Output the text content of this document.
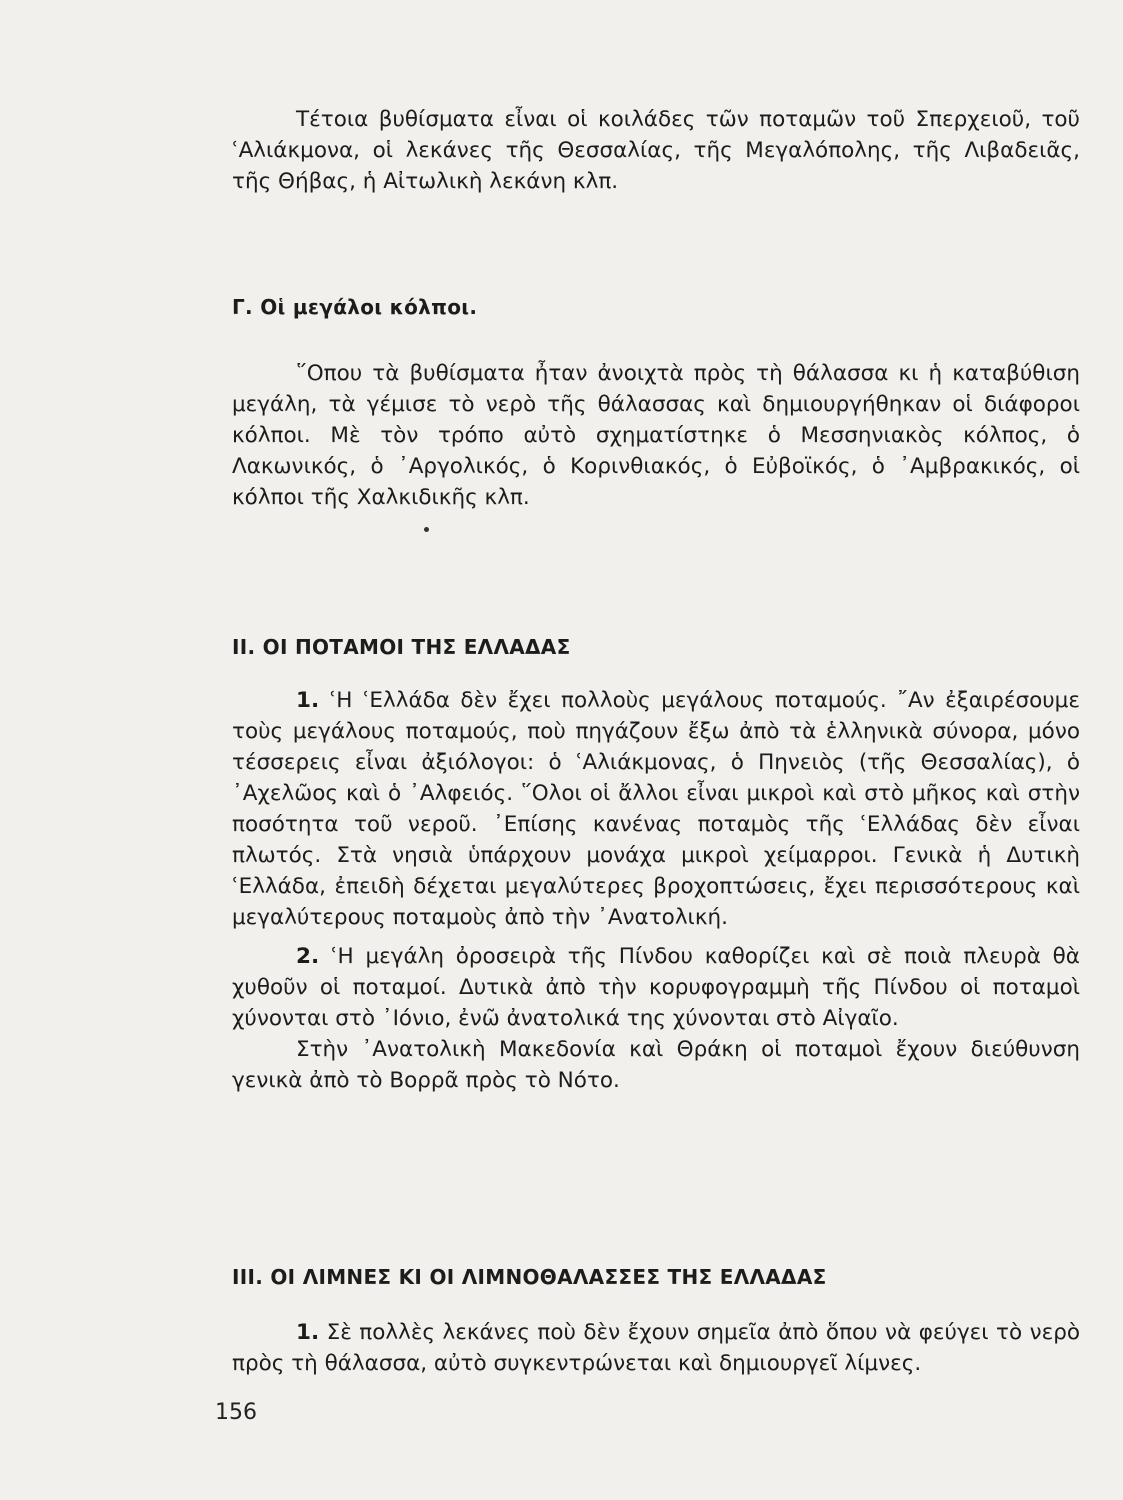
Τέτοια βυθίσματα εἶναι οἱ κοιλάδες τῶν ποταμῶν τοῦ Σπερχειοῦ, τοῦ ʿΑλιάκμονα, οἱ λεκάνες τῆς Θεσσαλίας, τῆς Μεγαλόπολης, τῆς Λιβαδειᾶς, τῆς Θήβας, ἡ Αἰτωλικὴ λεκάνη κλπ.

Γ. Οἱ μεγάλοι κόλποι.

῞Οπου τὰ βυθίσματα ἦταν ἀνοιχτὰ πρὸς τὴ θάλασσα κι ἡ καταβύθιση μεγάλη, τὰ γέμισε τὸ νερὸ τῆς θάλασσας καὶ δημιουργήθηκαν οἱ διάφοροι κόλποι. Μὲ τὸν τρόπο αὐτὸ σχηματίστηκε ὁ Μεσσηνιακὸς κόλπος, ὁ Λακωνικός, ὁ ᾿Αργολικός, ὁ Κορινθιακός, ὁ Εὐβοϊκός, ὁ ᾿Αμβρακικός, οἱ κόλποι τῆς Χαλκιδικῆς κλπ.

II. ΟΙ ΠΟΤΑΜΟΙ ΤΗΣ ΕΛΛΑΔΑΣ

1. ʿΗ ʿΕλλάδα δὲν ἔχει πολλοὺς μεγάλους ποταμούς. ῎Αν ἐξαιρέσουμε τοὺς μεγάλους ποταμούς, ποὺ πηγάζουν ἔξω ἀπὸ τὰ ἑλληνικὰ σύνορα, μόνο τέσσερεις εἶναι ἀξιόλογοι: ὁ ʿΑλιάκμονας, ὁ Πηνειὸς (τῆς Θεσσαλίας), ὁ ᾿Αχελῶος καὶ ὁ ᾿Αλφειός. ῞Ολοι οἱ ἄλλοι εἶναι μικροὶ καὶ στὸ μῆκος καὶ στὴν ποσότητα τοῦ νεροῦ. ᾿Επίσης κανένας ποταμὸς τῆς ʿΕλλάδας δὲν εἶναι πλωτός. Στὰ νησιὰ ὑπάρχουν μονάχα μικροὶ χείμαρροι. Γενικὰ ἡ Δυτικὴ ʿΕλλάδα, ἐπειδὴ δέχεται μεγαλύτερες βροχοπτώσεις, ἔχει περισσότερους καὶ μεγαλύτερους ποταμοὺς ἀπὸ τὴν ᾿Ανατολική.

2. ʿΗ μεγάλη ὀροσειρὰ τῆς Πίνδου καθορίζει καὶ σὲ ποιὰ πλευρὰ θὰ χυθοῦν οἱ ποταμοί. Δυτικὰ ἀπὸ τὴν κορυφογραμμὴ τῆς Πίνδου οἱ ποταμοὶ χύνονται στὸ ᾿Ιόνιο, ἐνῶ ἀνατολικά της χύνονται στὸ Αἰγαῖο.

Στὴν ᾿Ανατολικὴ Μακεδονία καὶ Θράκη οἱ ποταμοὶ ἔχουν διεύθυνση γενικὰ ἀπὸ τὸ Βορρᾶ πρὸς τὸ Νότο.

III. ΟΙ ΛΙΜΝΕΣ ΚΙ ΟΙ ΛΙΜΝΟΘΑΛΑΣΣΕΣ ΤΗΣ ΕΛΛΑΔΑΣ

1. Σὲ πολλὲς λεκάνες ποὺ δὲν ἔχουν σημεῖα ἀπὸ ὅπου νὰ φεύγει τὸ νερὸ πρὸς τὴ θάλασσα, αὐτὸ συγκεντρώνεται καὶ δημιουργεῖ λίμνες.

156
